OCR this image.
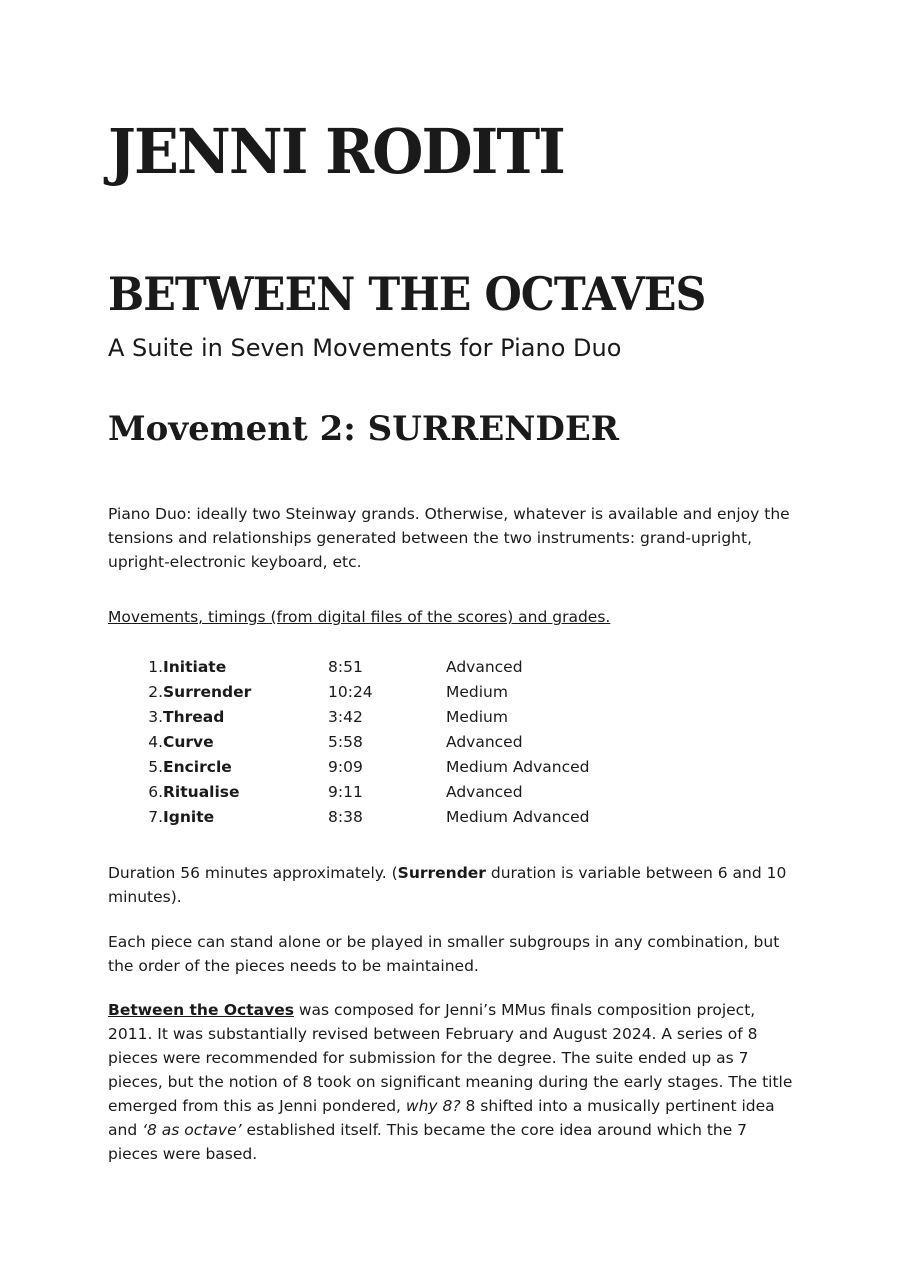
JENNI RODITI
BETWEEN THE OCTAVES

A Suite in Seven Movements for Piano Duo

Movement 2: SURRENDER

Piano Duo: ideally two Steinway grands. Otherwise, whatever is available and enjoy the tensions and relationships generated between the two instruments: grand-upright, upright-electronic keyboard, etc.

Movements, timings (from digital files of the scores) and grades.

1. Initiate	8:51	Advanced
2. Surrender	10:24	Medium
3. Thread	3:42	Medium
4. Curve	5:58	Advanced
5. Encircle	9:09	Medium Advanced
6. Ritualise	9:11	Advanced
7. Ignite	8:38	Medium Advanced

Duration 56 minutes approximately. (Surrender duration is variable between 6 and 10 minutes).

Each piece can stand alone or be played in smaller subgroups in any combination, but the order of the pieces needs to be maintained.

Between the Octaves was composed for Jenni’s MMus finals composition project, 2011. It was substantially revised between February and August 2024. A series of 8 pieces were recommended for submission for the degree. The suite ended up as 7 pieces, but the notion of 8 took on significant meaning during the early stages. The title emerged from this as Jenni pondered, why 8? 8 shifted into a musically pertinent idea and ‘8 as octave’ established itself. This became the core idea around which the 7 pieces were based.
